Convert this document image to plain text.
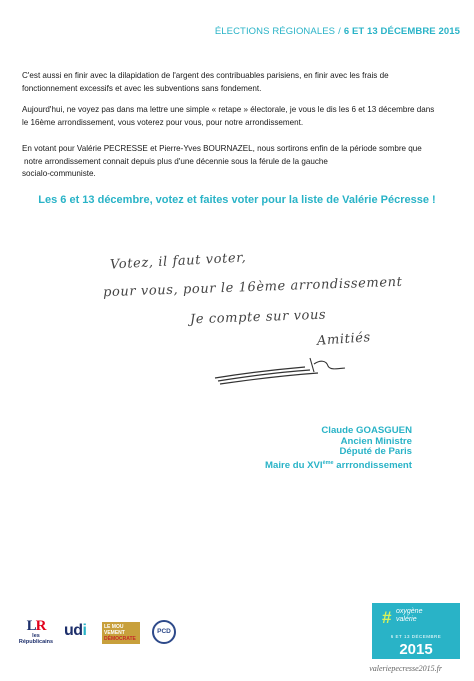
ÉLECTIONS RÉGIONALES / 6 ET 13 DÉCEMBRE 2015

C'est aussi en finir avec la dilapidation de l'argent des contribuables parisiens, en finir avec les frais de fonctionnement excessifs et avec les subventions sans fondement.

Aujourd'hui, ne voyez pas dans ma lettre une simple « retape » électorale, je vous le dis les 6 et 13 décembre dans le 16ème arrondissement, vous voterez pour vous, pour notre arrondissement.

En votant pour Valérie PECRESSE et Pierre-Yves BOURNAZEL, nous sortirons enfin de la période sombre que
notre arrondissement connait depuis plus d'une décennie sous la férule de la gauche
socialo-communiste.
Les 6 et 13 décembre, votez et faites voter pour la liste de Valérie Pécresse !
Votez, il faut voter,
pour vous, pour le 16ème arrondissement
Je compte sur vous
Amitiés
Claude GOASGUEN
Ancien Ministre
Député de Paris
Maire du XVIème arrrondissement
LR
les Républicains
udi	LE MOU
VEMENT
DÉMOCRATE
PCD
# oxygène
valérie
6 ET 13 DÉCEMBRE
2015
valeriepecresse2015.fr
